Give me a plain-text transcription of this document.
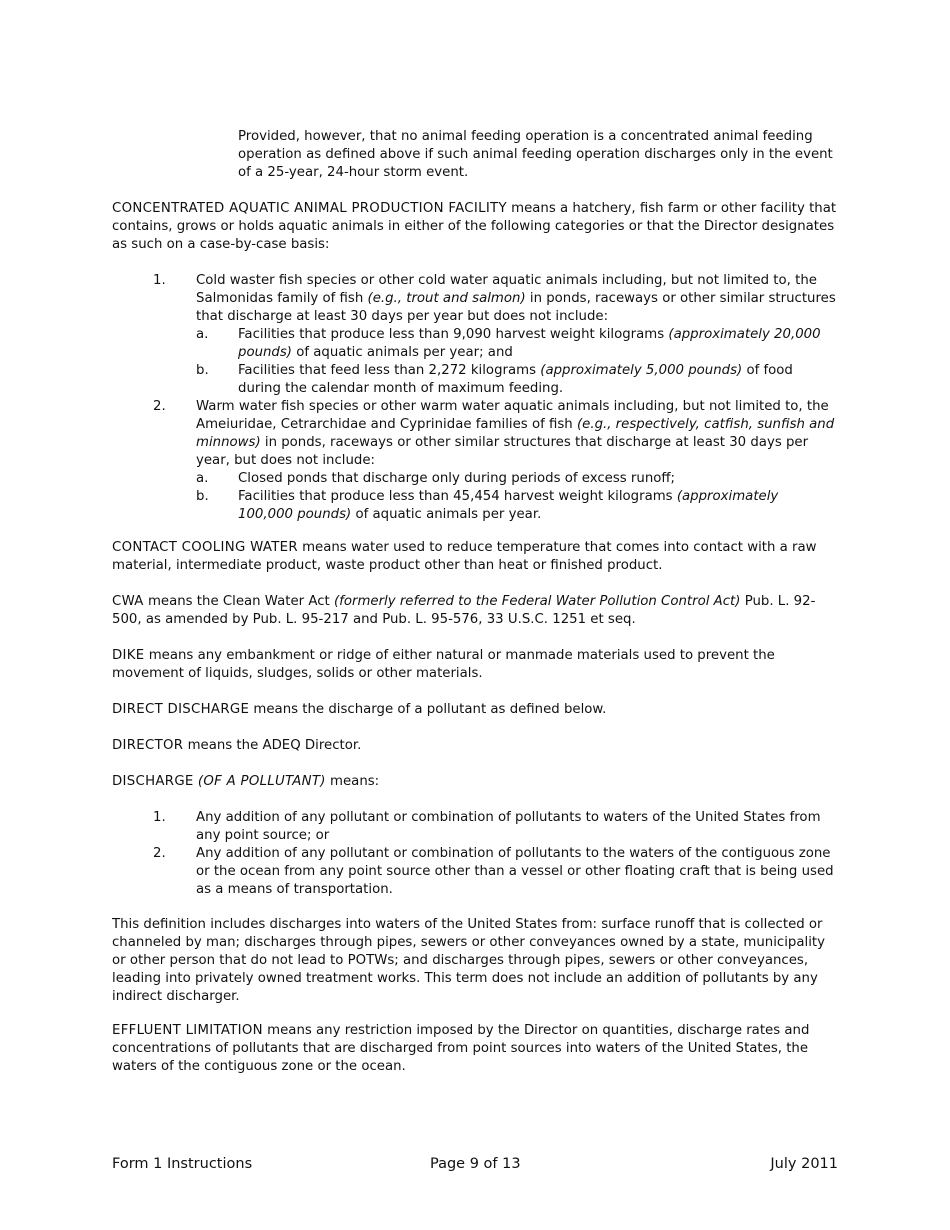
Provided, however, that no animal feeding operation is a concentrated animal feeding operation as defined above if such animal feeding operation discharges only in the event of a 25-year, 24-hour storm event.

CONCENTRATED AQUATIC ANIMAL PRODUCTION FACILITY means a hatchery, fish farm or other facility that contains, grows or holds aquatic animals in either of the following categories or that the Director designates as such on a case-by-case basis:

1. Cold waster fish species or other cold water aquatic animals including, but not limited to, the Salmonidas family of fish (e.g., trout and salmon) in ponds, raceways or other similar structures that discharge at least 30 days per year but does not include:

a. Facilities that produce less than 9,090 harvest weight kilograms (approximately 20,000 pounds) of aquatic animals per year; and

b. Facilities that feed less than 2,272 kilograms (approximately 5,000 pounds) of food during the calendar month of maximum feeding.

2. Warm water fish species or other warm water aquatic animals including, but not limited to, the Ameiuridae, Cetrarchidae and Cyprinidae families of fish (e.g., respectively, catfish, sunfish and minnows) in ponds, raceways or other similar structures that discharge at least 30 days per year, but does not include:

a. Closed ponds that discharge only during periods of excess runoff;

b. Facilities that produce less than 45,454 harvest weight kilograms (approximately 100,000 pounds) of aquatic animals per year.

CONTACT COOLING WATER means water used to reduce temperature that comes into contact with a raw material, intermediate product, waste product other than heat or finished product.

CWA means the Clean Water Act (formerly referred to the Federal Water Pollution Control Act) Pub. L. 92-500, as amended by Pub. L. 95-217 and Pub. L. 95-576, 33 U.S.C. 1251 et seq.

DIKE means any embankment or ridge of either natural or manmade materials used to prevent the movement of liquids, sludges, solids or other materials.

DIRECT DISCHARGE means the discharge of a pollutant as defined below.

DIRECTOR means the ADEQ Director.

DISCHARGE (OF A POLLUTANT) means:

1. Any addition of any pollutant or combination of pollutants to waters of the United States from any point source; or

2. Any addition of any pollutant or combination of pollutants to the waters of the contiguous zone or the ocean from any point source other than a vessel or other floating craft that is being used as a means of transportation.

This definition includes discharges into waters of the United States from: surface runoff that is collected or channeled by man; discharges through pipes, sewers or other conveyances owned by a state, municipality or other person that do not lead to POTWs; and discharges through pipes, sewers or other conveyances, leading into privately owned treatment works. This term does not include an addition of pollutants by any indirect discharger.

EFFLUENT LIMITATION means any restriction imposed by the Director on quantities, discharge rates and concentrations of pollutants that are discharged from point sources into waters of the United States, the waters of the contiguous zone or the ocean.

Form 1 Instructions	Page 9 of 13	July 2011
